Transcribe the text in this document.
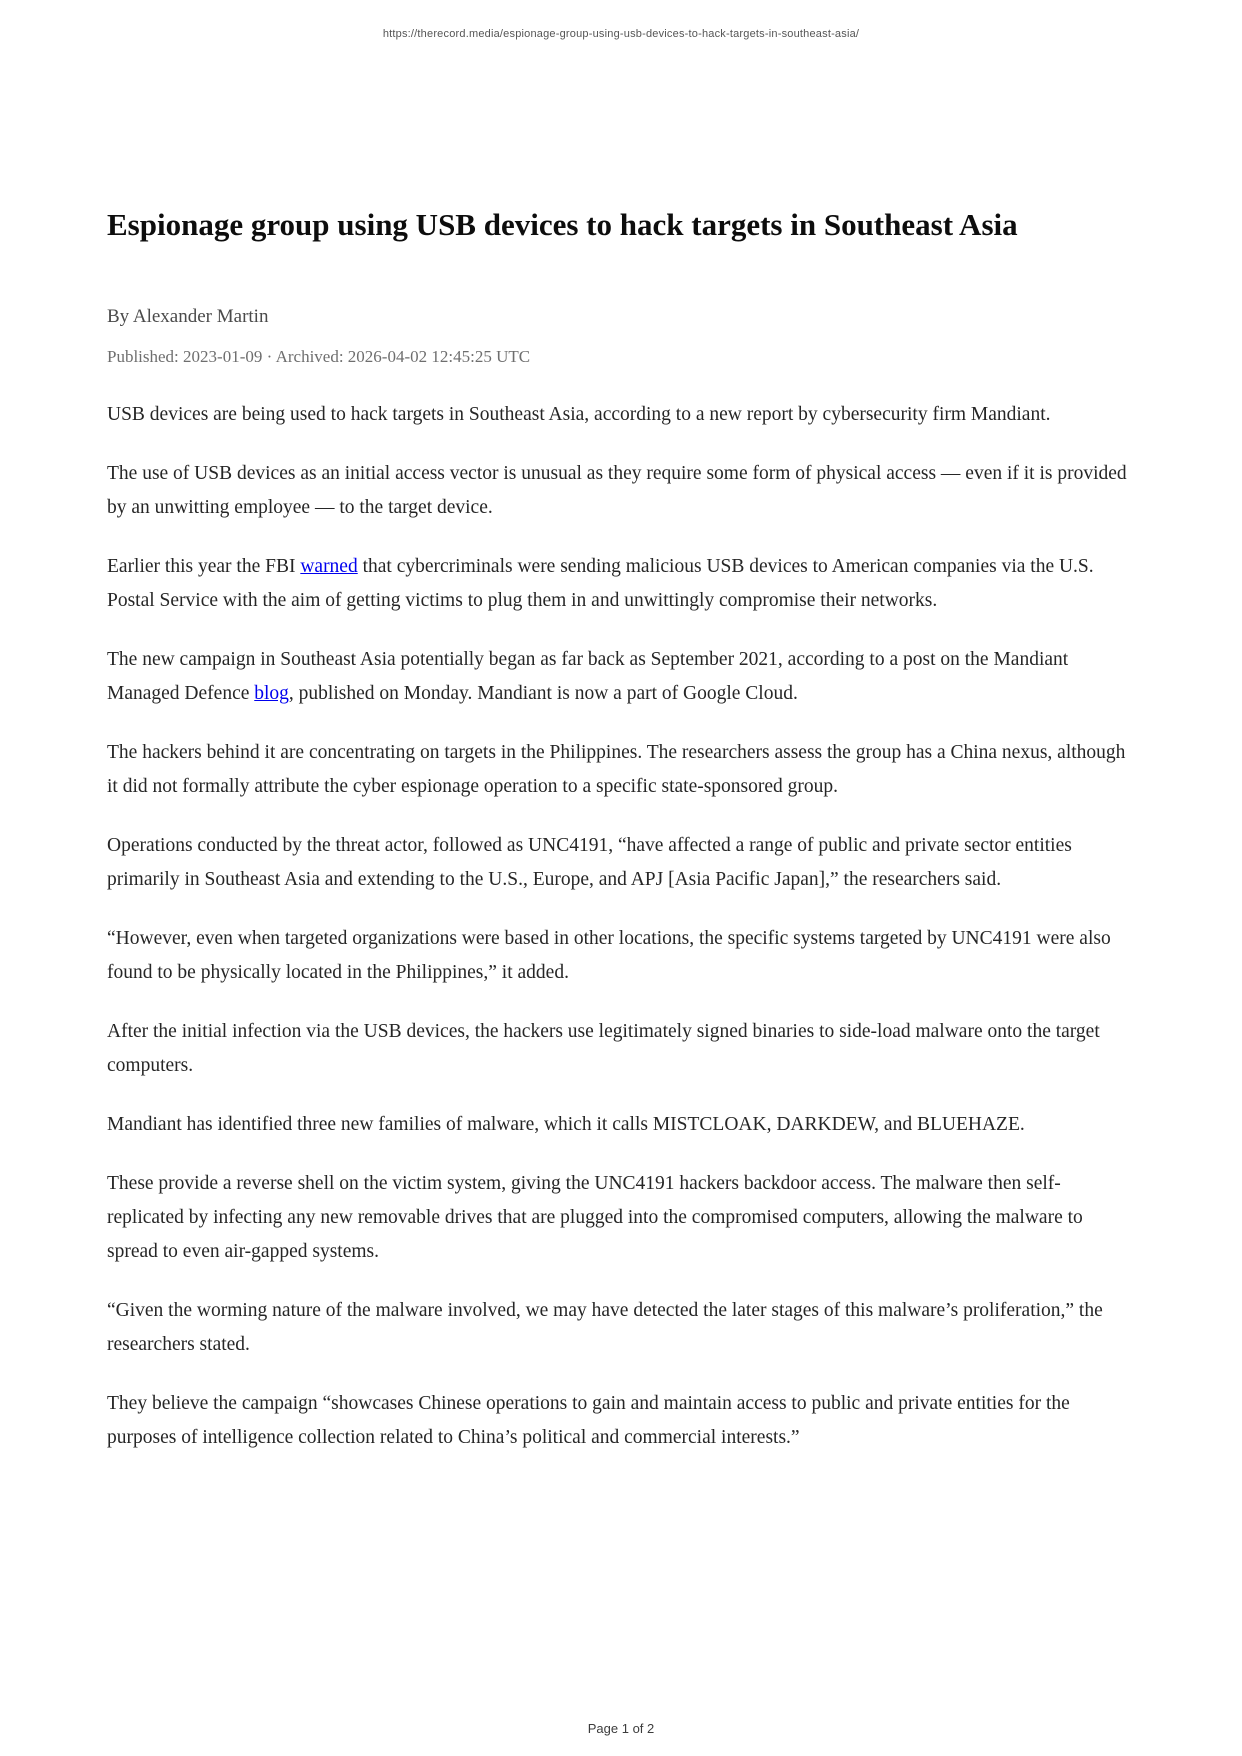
https://therecord.media/espionage-group-using-usb-devices-to-hack-targets-in-southeast-asia/
Espionage group using USB devices to hack targets in Southeast Asia
By Alexander Martin
Published: 2023-01-09 · Archived: 2026-04-02 12:45:25 UTC

USB devices are being used to hack targets in Southeast Asia, according to a new report by cybersecurity firm Mandiant.

The use of USB devices as an initial access vector is unusual as they require some form of physical access — even if it is provided by an unwitting employee — to the target device.

Earlier this year the FBI warned that cybercriminals were sending malicious USB devices to American companies via the U.S. Postal Service with the aim of getting victims to plug them in and unwittingly compromise their networks.

The new campaign in Southeast Asia potentially began as far back as September 2021, according to a post on the Mandiant Managed Defence blog, published on Monday. Mandiant is now a part of Google Cloud.

The hackers behind it are concentrating on targets in the Philippines. The researchers assess the group has a China nexus, although it did not formally attribute the cyber espionage operation to a specific state-sponsored group.

Operations conducted by the threat actor, followed as UNC4191, “have affected a range of public and private sector entities primarily in Southeast Asia and extending to the U.S., Europe, and APJ [Asia Pacific Japan],” the researchers said.

“However, even when targeted organizations were based in other locations, the specific systems targeted by UNC4191 were also found to be physically located in the Philippines,” it added.

After the initial infection via the USB devices, the hackers use legitimately signed binaries to side-load malware onto the target computers.

Mandiant has identified three new families of malware, which it calls MISTCLOAK, DARKDEW, and BLUEHAZE.

These provide a reverse shell on the victim system, giving the UNC4191 hackers backdoor access. The malware then self-replicated by infecting any new removable drives that are plugged into the compromised computers, allowing the malware to spread to even air-gapped systems.

“Given the worming nature of the malware involved, we may have detected the later stages of this malware’s proliferation,” the researchers stated.

They believe the campaign “showcases Chinese operations to gain and maintain access to public and private entities for the purposes of intelligence collection related to China’s political and commercial interests.”

Page 1 of 2
